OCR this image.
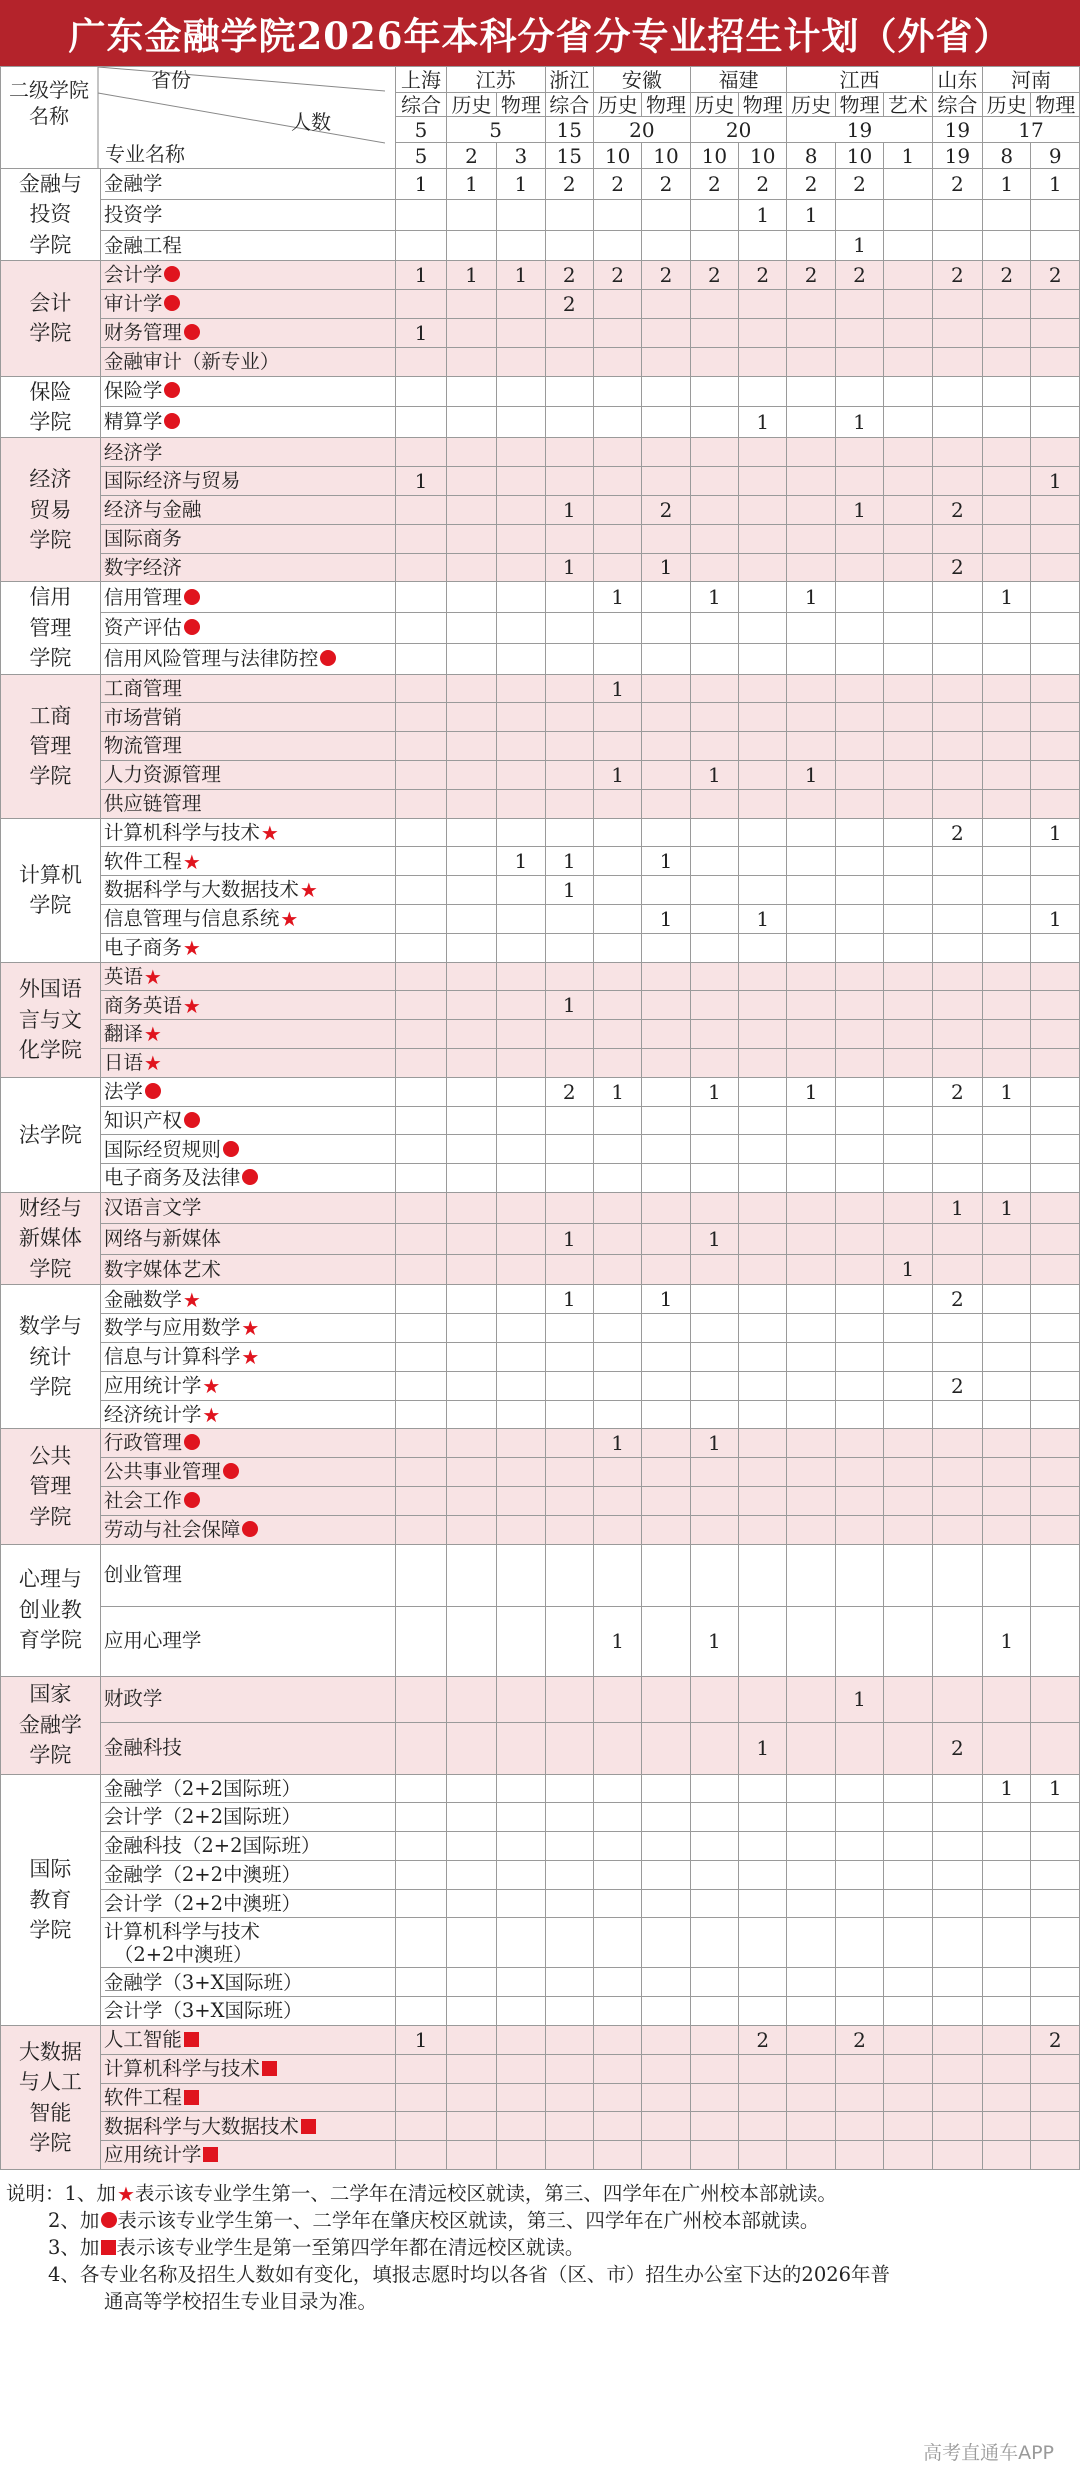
广东金融学院2026年本科分省分专业招生计划（外省）
省份
人数
专业名称
二级学院名称		上海	江苏		浙江	安徽		福建		江西			山东	河南	
		综合	历史	物理	综合	历史	物理	历史	物理	历史	物理	艺术	综合	历史	物理
		5	5		15	20		20		19			19	17	
		5	2	3	15	10	10	10	10	8	10	1	19	8	9

金融与
投资
学院	金融学	1	1	1	2	2	2	2	2	2	2		2	1	1
	投资学								1	1					
	金融工程										1				

会计
学院	会计学	1	1	1	2	2	2	2	2	2	2		2	2	2
	审计学				2										
	财务管理	1													
	金融审计（新专业）														

保险
学院	保险学														
	精算学								1		1				

经济
贸易
学院	经济学														
	国际经济与贸易	1													1
	经济与金融				1		2				1		2		
	国际商务														
	数字经济				1		1						2		

信用
管理
学院	信用管理					1		1		1				1	
	资产评估														
	信用风险管理与法律防控														

工商
管理
学院	工商管理					1									
	市场营销														
	物流管理														
	人力资源管理					1		1		1					
	供应链管理														

计算机
学院	计算机科学与技术★												2		1
	软件工程★			1	1		1								
	数据科学与大数据技术★				1										
	信息管理与信息系统★						1		1						1
	电子商务★														

外国语
言与文
化学院	英语★														
	商务英语★				1										
	翻译★														
	日语★														

法学院	法学				2	1		1		1			2	1	
	知识产权														
	国际经贸规则														
	电子商务及法律														

财经与
新媒体
学院	汉语言文学												1	1	
	网络与新媒体				1			1							
	数字媒体艺术											1			

数学与
统计
学院	金融数学★				1		1						2		
	数学与应用数学★														
	信息与计算科学★														
	应用统计学★												2		
	经济统计学★														

公共
管理
学院	行政管理					1		1							
	公共事业管理														
	社会工作														
	劳动与社会保障														

心理与
创业教
育学院	创业管理														
	应用心理学					1		1						1	

国家
金融学
学院	财政学										1				
	金融科技								1				2		

国际
教育
学院	金融学（2+2国际班）													1	1
	会计学（2+2国际班）														
	金融科技（2+2国际班）														
	金融学（2+2中澳班）														
	会计学（2+2中澳班）														

	计算机科学与技术
（2+2中澳班）														

	金融学（3+X国际班）														
	会计学（3+X国际班）														

大数据
与人工
智能
学院	人工智能	1							2		2				2
	计算机科学与技术														
	软件工程														
	数据科学与大数据技术														
	应用统计学														
说明：1、加★表示该专业学生第一、二学年在清远校区就读，第三、四学年在广州校本部就读。
2、加 表示该专业学生第一、二学年在肇庆校区就读，第三、四学年在广州校本部就读。
3、加 表示该专业学生是第一至第四学年都在清远校区就读。
4、各专业名称及招生人数如有变化，填报志愿时均以各省（区、市）招生办公室下达的2026年普
通高等学校招生专业目录为准。
高考直通车APP
